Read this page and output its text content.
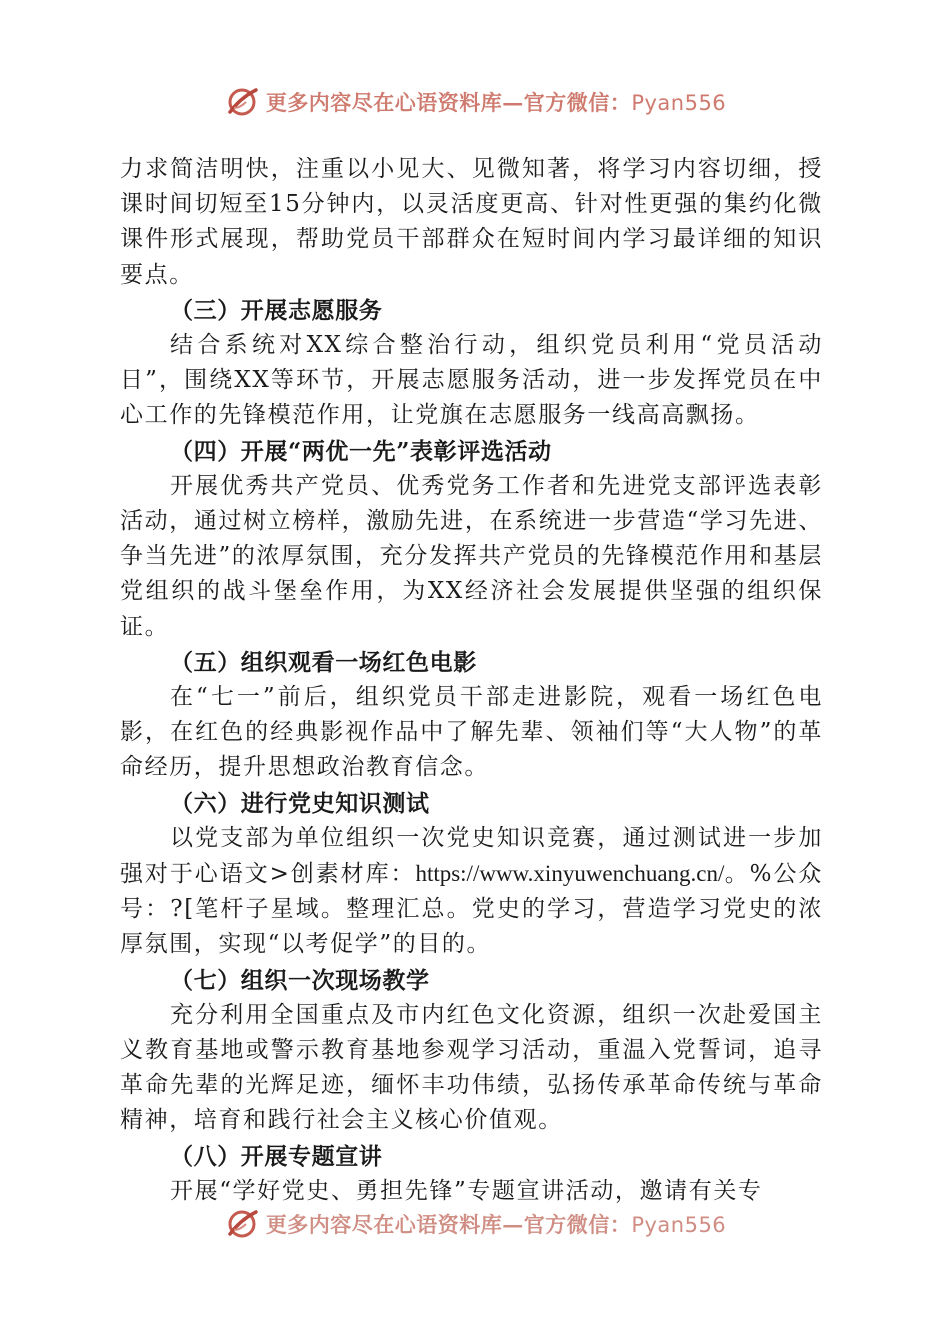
更多内容尽在心语资料库—官方微信：Pyan556

力求简洁明快，注重以小见大、见微知著，将学习内容切细，授课时间切短至15分钟内，以灵活度更高、针对性更强的集约化微课件形式展现，帮助党员干部群众在短时间内学习最详细的知识要点。

（三）开展志愿服务

结合系统对XX综合整治行动，组织党员利用“党员活动日”，围绕XX等环节，开展志愿服务活动，进一步发挥党员在中心工作的先锋模范作用，让党旗在志愿服务一线高高飘扬。

（四）开展“两优一先”表彰评选活动

开展优秀共产党员、优秀党务工作者和先进党支部评选表彰活动，通过树立榜样，激励先进，在系统进一步营造“学习先进、争当先进”的浓厚氛围，充分发挥共产党员的先锋模范作用和基层党组织的战斗堡垒作用，为XX经济社会发展提供坚强的组织保证。

（五）组织观看一场红色电影

在“七一”前后，组织党员干部走进影院，观看一场红色电影，在红色的经典影视作品中了解先辈、领袖们等“大人物”的革命经历，提升思想政治教育信念。

（六）进行党史知识测试

以党支部为单位组织一次党史知识竞赛，通过测试进一步加强对于心语文>创素材库：https://www.xinyuwenchuang.cn/。%公众号：?[笔杆子星域。整理汇总。党史的学习，营造学习党史的浓厚氛围，实现“以考促学”的目的。

（七）组织一次现场教学

充分利用全国重点及市内红色文化资源，组织一次赴爱国主义教育基地或警示教育基地参观学习活动，重温入党誓词，追寻革命先辈的光辉足迹，缅怀丰功伟绩，弘扬传承革命传统与革命精神，培育和践行社会主义核心价值观。

（八）开展专题宣讲

开展“学好党史、勇担先锋”专题宣讲活动，邀请有关专

更多内容尽在心语资料库—官方微信：Pyan556
